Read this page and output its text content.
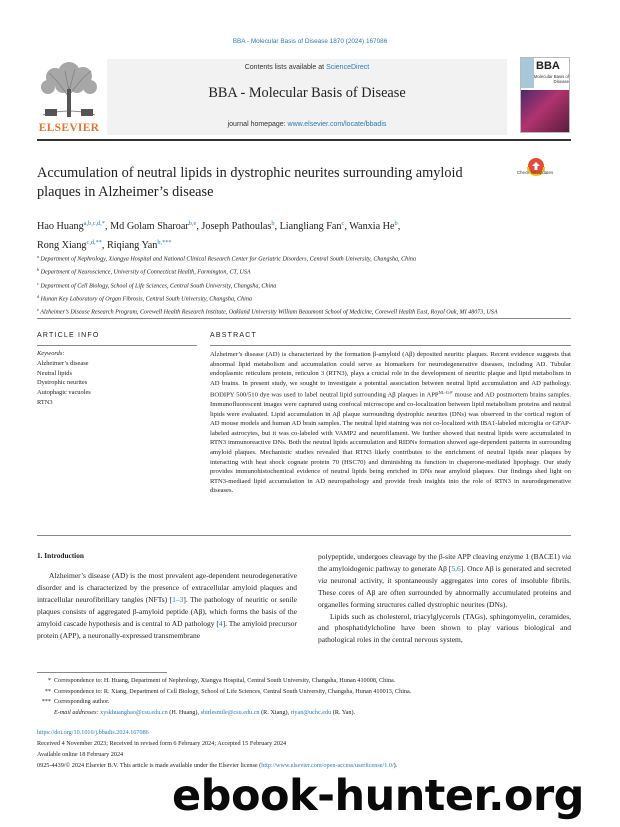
BBA - Molecular Basis of Disease 1870 (2024) 167086
ELSEVIER
Contents lists available at ScienceDirect
BBA - Molecular Basis of Disease
journal homepage: www.elsevier.com/locate/bbadis
BBA
Molecular Basis of Disease
Accumulation of neutral lipids in dystrophic neurites surrounding amyloid plaques in Alzheimer’s disease
Check for updates
Hao Huang$^{a,b,c,d,*}$, Md Golam Sharoar$^{b,e}$, Joseph Pathoulas$^b$, Liangliang Fan$^c$, Wanxia He$^b$,
Rong Xiang$^{c,d,**}$, Riqiang Yan$^{b,***}$
$^a$ Department of Nephrology, Xiangya Hospital and National Clinical Research Center for Geriatric Disorders, Central South University, Changsha, China
$^b$ Department of Neuroscience, University of Connecticut Health, Farmington, CT, USA
$^c$ Department of Cell Biology, School of Life Sciences, Central South University, Changsha, China
$^d$ Hunan Key Laboratory of Organ Fibrosis, Central South University, Changsha, China
$^e$ Alzheimer’s Disease Research Program, Corewell Health Research Institute, Oakland University William Beaumont School of Medicine, Corewell Health East, Royal Oak, MI 48073, USA
ARTICLE INFO
Keywords:
Alzheimer’s disease
Neutral lipids
Dystrophic neurites
Autophagic vacuoles
RTN3
ABSTRACT
Alzheimer’s disease (AD) is characterized by the formation β-amyloid (Aβ) deposited neuritic plaques. Recent evidence suggests that abnormal lipid metabolism and accumulation could serve as biomarkers for neurodegenerative diseases, including AD. Tubular endoplasmic reticulum protein, reticulon 3 (RTN3), plays a crucial role in the development of neuritic plaque and lipid metabolism in AD brains. In present study, we sought to investigate a potential association between neutral lipid accumulation and AD pathology. BODIPY 500/510 dye was used to label neutral lipid surrounding Aβ plaques in $APP^{NL-G-F}$ mouse and AD postmortem brains samples. Immunofluorescent images were captured using confocal microscope and co-localization between lipid metabolism proteins and neutral lipids were evaluated. Lipid accumulation in Aβ plaque surrounding dystrophic neurites (DNs) was observed in the cortical region of AD mouse models and human AD brain samples. The neutral lipid staining was not co-localized with IBA1-labeled microglia or GFAP-labeled astrocytes, but it was co-labeled with VAMP2 and neurofilament. We further showed that neutral lipids were accumulated in RTN3 immunoreactive DNs. Both the neutral lipids accumulation and RIDNs formation showed age-dependent patterns in surrounding amyloid plaques. Mechanistic studies revealed that RTN3 likely contributes to the enrichment of neutral lipids near plaques by interacting with heat shock cognate protein 70 (HSC70) and diminishing its function in chaperone-mediated lipophagy. Our study provides immunohistochemical evidence of neutral lipids being enriched in DNs near amyloid plaques. Our findings shed light on RTN3-mediaed lipid accumulation in AD neuropathology and provide fresh insights into the role of RTN3 in neurodegenerative diseases.
1. Introduction

Alzheimer’s disease (AD) is the most prevalent age-dependent neurodegenerative disorder and is characterized by the presence of extracellular amyloid plaques and intracellular neurofibrillary tangles (NFTs) [1–3]. The pathology of neuritic or senile plaques consists of aggregated β-amyloid peptide (Aβ), which forms the basis of the amyloid cascade hypothesis and is central to AD pathology [4]. The amyloid precursor protein (APP), a neuronally-expressed transmembrane

polypeptide, undergoes cleavage by the β-site APP cleaving enzyme 1 (BACE1) via the amyloidogenic pathway to generate Aβ [5,6]. Once Aβ is generated and secreted via neuronal activity, it spontaneously aggregates into cores of insoluble fibrils. These cores of Aβ are often surrounded by abnormally accumulated proteins and organelles forming structures called dystrophic neurites (DNs).

Lipids such as cholesterol, triacylglycerols (TAGs), sphingomyelin, ceramides, and phosphatidylcholine have been shown to play various biological and pathological roles in the central nervous system,

* Correspondence to: H. Huang, Department of Nephrology, Xiangya Hospital, Central South University, Changsha, Hunan 410008, China.
** Correspondence to: R. Xiang, Department of Cell Biology, School of Life Sciences, Central South University, Changsha, Hunan 410013, China.
*** Corresponding author.
E-mail addresses: xyskhuanghao@csu.edu.cn (H. Huang), shirlesmile@csu.edu.cn (R. Xiang), riyan@uchc.edu (R. Yan).
https://doi.org/10.1016/j.bbadis.2024.167086
Received 4 November 2023; Received in revised form 6 February 2024; Accepted 15 February 2024
Available online 18 February 2024
0925-4439/© 2024 Elsevier B.V. This article is made available under the Elsevier license (http://www.elsevier.com/open-access/userlicense/1.0/).
ebook-hunter.org
